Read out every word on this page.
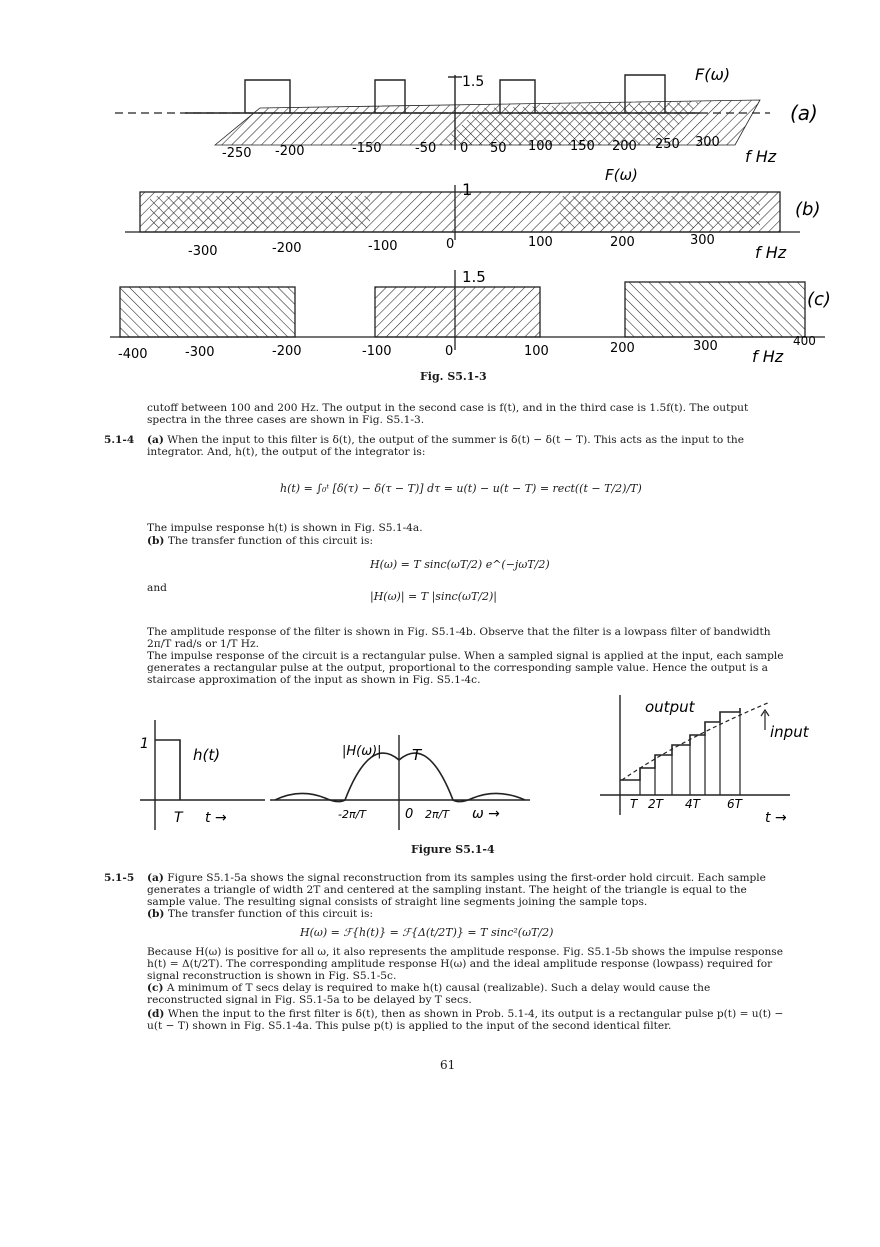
1.5	F(ω)
(a)
-250 -200	-150	-50 0 50 100 150 200 250 300
f Hz
1
F(ω)
(b)
-300	-200	-100	0	100	200	300
f Hz
1.5
(c)
-400	-300	-200	-100	0	100	200	300	400
f Hz
Fig. S5.1-3
cutoff between 100 and 200 Hz. The output in the second case is f(t), and in the third case is 1.5f(t). The output spectra in the three cases are shown in Fig. S5.1-3.
5.1-4 (a) When the input to this filter is δ(t), the output of the summer is δ(t) − δ(t − T). This acts as the input to the integrator. And, h(t), the output of the integrator is:
h(t) = ∫₀ᵗ [δ(τ) − δ(τ − T)] dτ = u(t) − u(t − T) = rect((t − T/2)/T)
The impulse response h(t) is shown in Fig. S5.1-4a.
(b) The transfer function of this circuit is:
H(ω) = T sinc(ωT/2) e^(−jωT/2)
and
|H(ω)| = T |sinc(ωT/2)|
The amplitude response of the filter is shown in Fig. S5.1-4b. Observe that the filter is a lowpass filter of bandwidth 2π/T rad/s or 1/T Hz.
The impulse response of the circuit is a rectangular pulse. When a sampled signal is applied at the input, each sample generates a rectangular pulse at the output, proportional to the corresponding sample value. Hence the output is a staircase approximation of the input as shown in Fig. S5.1-4c.
1
h(t)
T t →
|H(ω)| T
-2π/T	0 2π/T ω →
output
input
T 2T 4T 6T
t →
Figure S5.1-4
5.1-5 (a) Figure S5.1-5a shows the signal reconstruction from its samples using the first-order hold circuit. Each sample generates a triangle of width 2T and centered at the sampling instant. The height of the triangle is equal to the sample value. The resulting signal consists of straight line segments joining the sample tops.
(b) The transfer function of this circuit is:
H(ω) = ℱ{h(t)} = ℱ{Δ(t/2T)} = T sinc²(ωT/2)
Because H(ω) is positive for all ω, it also represents the amplitude response. Fig. S5.1-5b shows the impulse response h(t) = Δ(t/2T). The corresponding amplitude response H(ω) and the ideal amplitude response (lowpass) required for signal reconstruction is shown in Fig. S5.1-5c.
(c) A minimum of T secs delay is required to make h(t) causal (realizable). Such a delay would cause the reconstructed signal in Fig. S5.1-5a to be delayed by T secs.
(d) When the input to the first filter is δ(t), then as shown in Prob. 5.1-4, its output is a rectangular pulse p(t) = u(t) − u(t − T) shown in Fig. S5.1-4a. This pulse p(t) is applied to the input of the second identical filter.
61
